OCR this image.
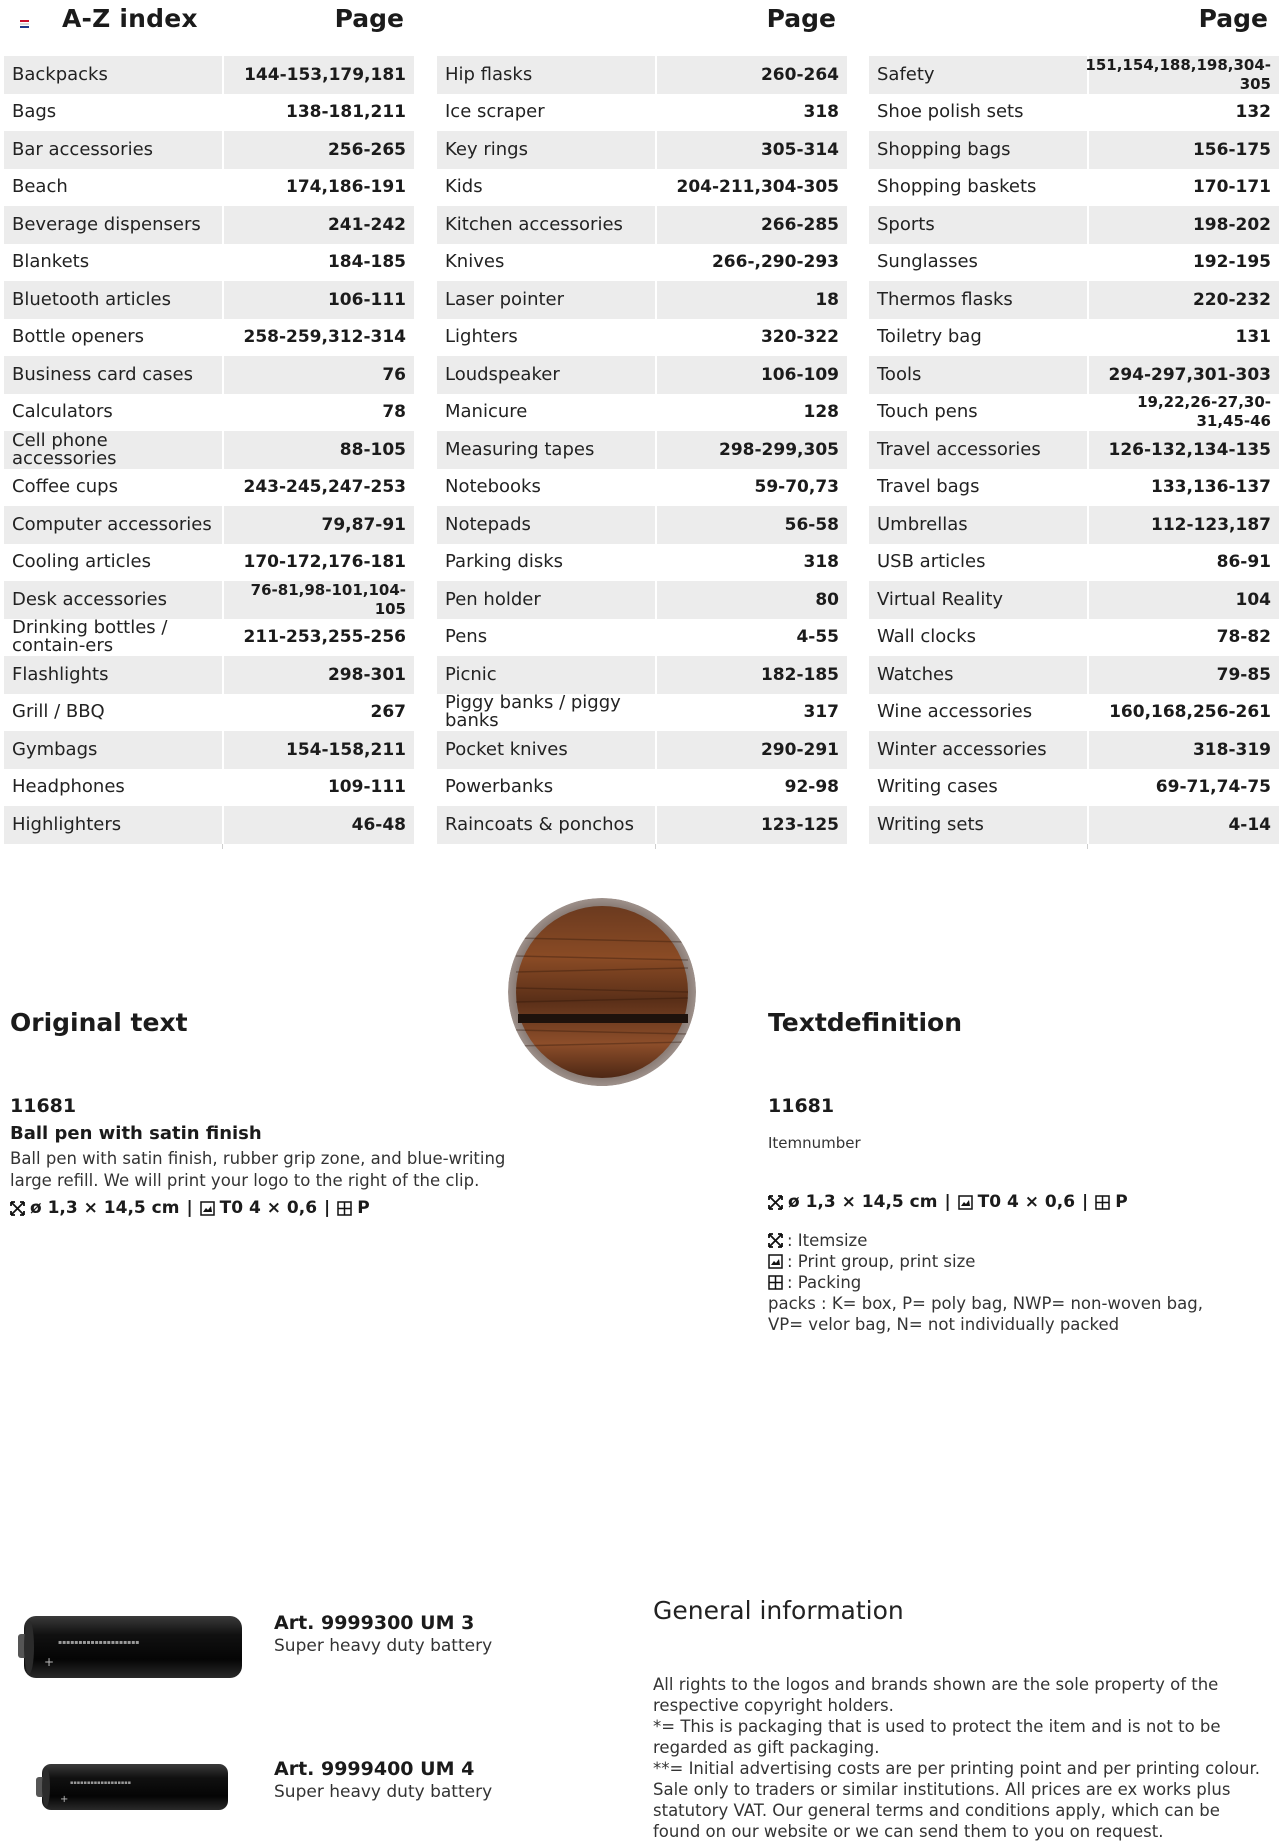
A-Z index	Page	Page	Page
Backpacks	144-153,179,181
Bags	138-181,211
Bar accessories	256-265
Beach	174,186-191
Beverage dispensers	241-242
Blankets	184-185
Bluetooth articles	106-111
Bottle openers	258-259,312-314
Business card cases	76
Calculators	78
Cell phone accessories	88-105
Coffee cups	243-245,247-253
Computer accessories	79,87-91
Cooling articles	170-172,176-181
Desk accessories	76-81,98-101,104-105
Drinking bottles / contain-ers	211-253,255-256
Flashlights	298-301
Grill / BBQ	267
Gymbags	154-158,211
Headphones	109-111
Highlighters	46-48
Hip flasks	260-264
Ice scraper	318
Key rings	305-314
Kids	204-211,304-305
Kitchen accessories	266-285
Knives	266-,290-293
Laser pointer	18
Lighters	320-322
Loudspeaker	106-109
Manicure	128
Measuring tapes	298-299,305
Notebooks	59-70,73
Notepads	56-58
Parking disks	318
Pen holder	80
Pens	4-55
Picnic	182-185
Piggy banks / piggy banks	317
Pocket knives	290-291
Powerbanks	92-98
Raincoats & ponchos	123-125
Safety	151,154,188,198,304-305
Shoe polish sets	132
Shopping bags	156-175
Shopping baskets	170-171
Sports	198-202
Sunglasses	192-195
Thermos flasks	220-232
Toiletry bag	131
Tools	294-297,301-303
Touch pens	19,22,26-27,30-31,45-46
Travel accessories	126-132,134-135
Travel bags	133,136-137
Umbrellas	112-123,187
USB articles	86-91
Virtual Reality	104
Wall clocks	78-82
Watches	79-85
Wine accessories	160,168,256-261
Winter accessories	318-319
Writing cases	69-71,74-75
Writing sets	4-14
Original text
11681
Ball pen with satin finish
Ball pen with satin finish, rubber grip zone, and blue-writing large refill. We will print your logo to the right of the clip.
ø 1,3 × 14,5 cm | T0 4 × 0,6 | P
Textdefinition
11681
Itemnumber
ø 1,3 × 14,5 cm | T0 4 × 0,6 | P
: Itemsize
: Print group, print size
: Packing
packs : K= box, P= poly bag, NWP= non-woven bag,
VP= velor bag, N= not individually packed
▪▪▪▪▪▪▪▪▪▪▪▪▪▪▪▪▪▪▪▪
+
Art. 9999300 UM 3
Super heavy duty battery
▪▪▪▪▪▪▪▪▪▪▪▪▪▪▪▪▪▪
+
Art. 9999400 UM 4
Super heavy duty battery
General information
All rights to the logos and brands shown are the sole property of the respective copyright holders.
*= This is packaging that is used to protect the item and is not to be regarded as gift packaging.
**= Initial advertising costs are per printing point and per printing colour.
Sale only to traders or similar institutions. All prices are ex works plus statutory VAT. Our general terms and conditions apply, which can be found on our website or we can send them to you on request.
